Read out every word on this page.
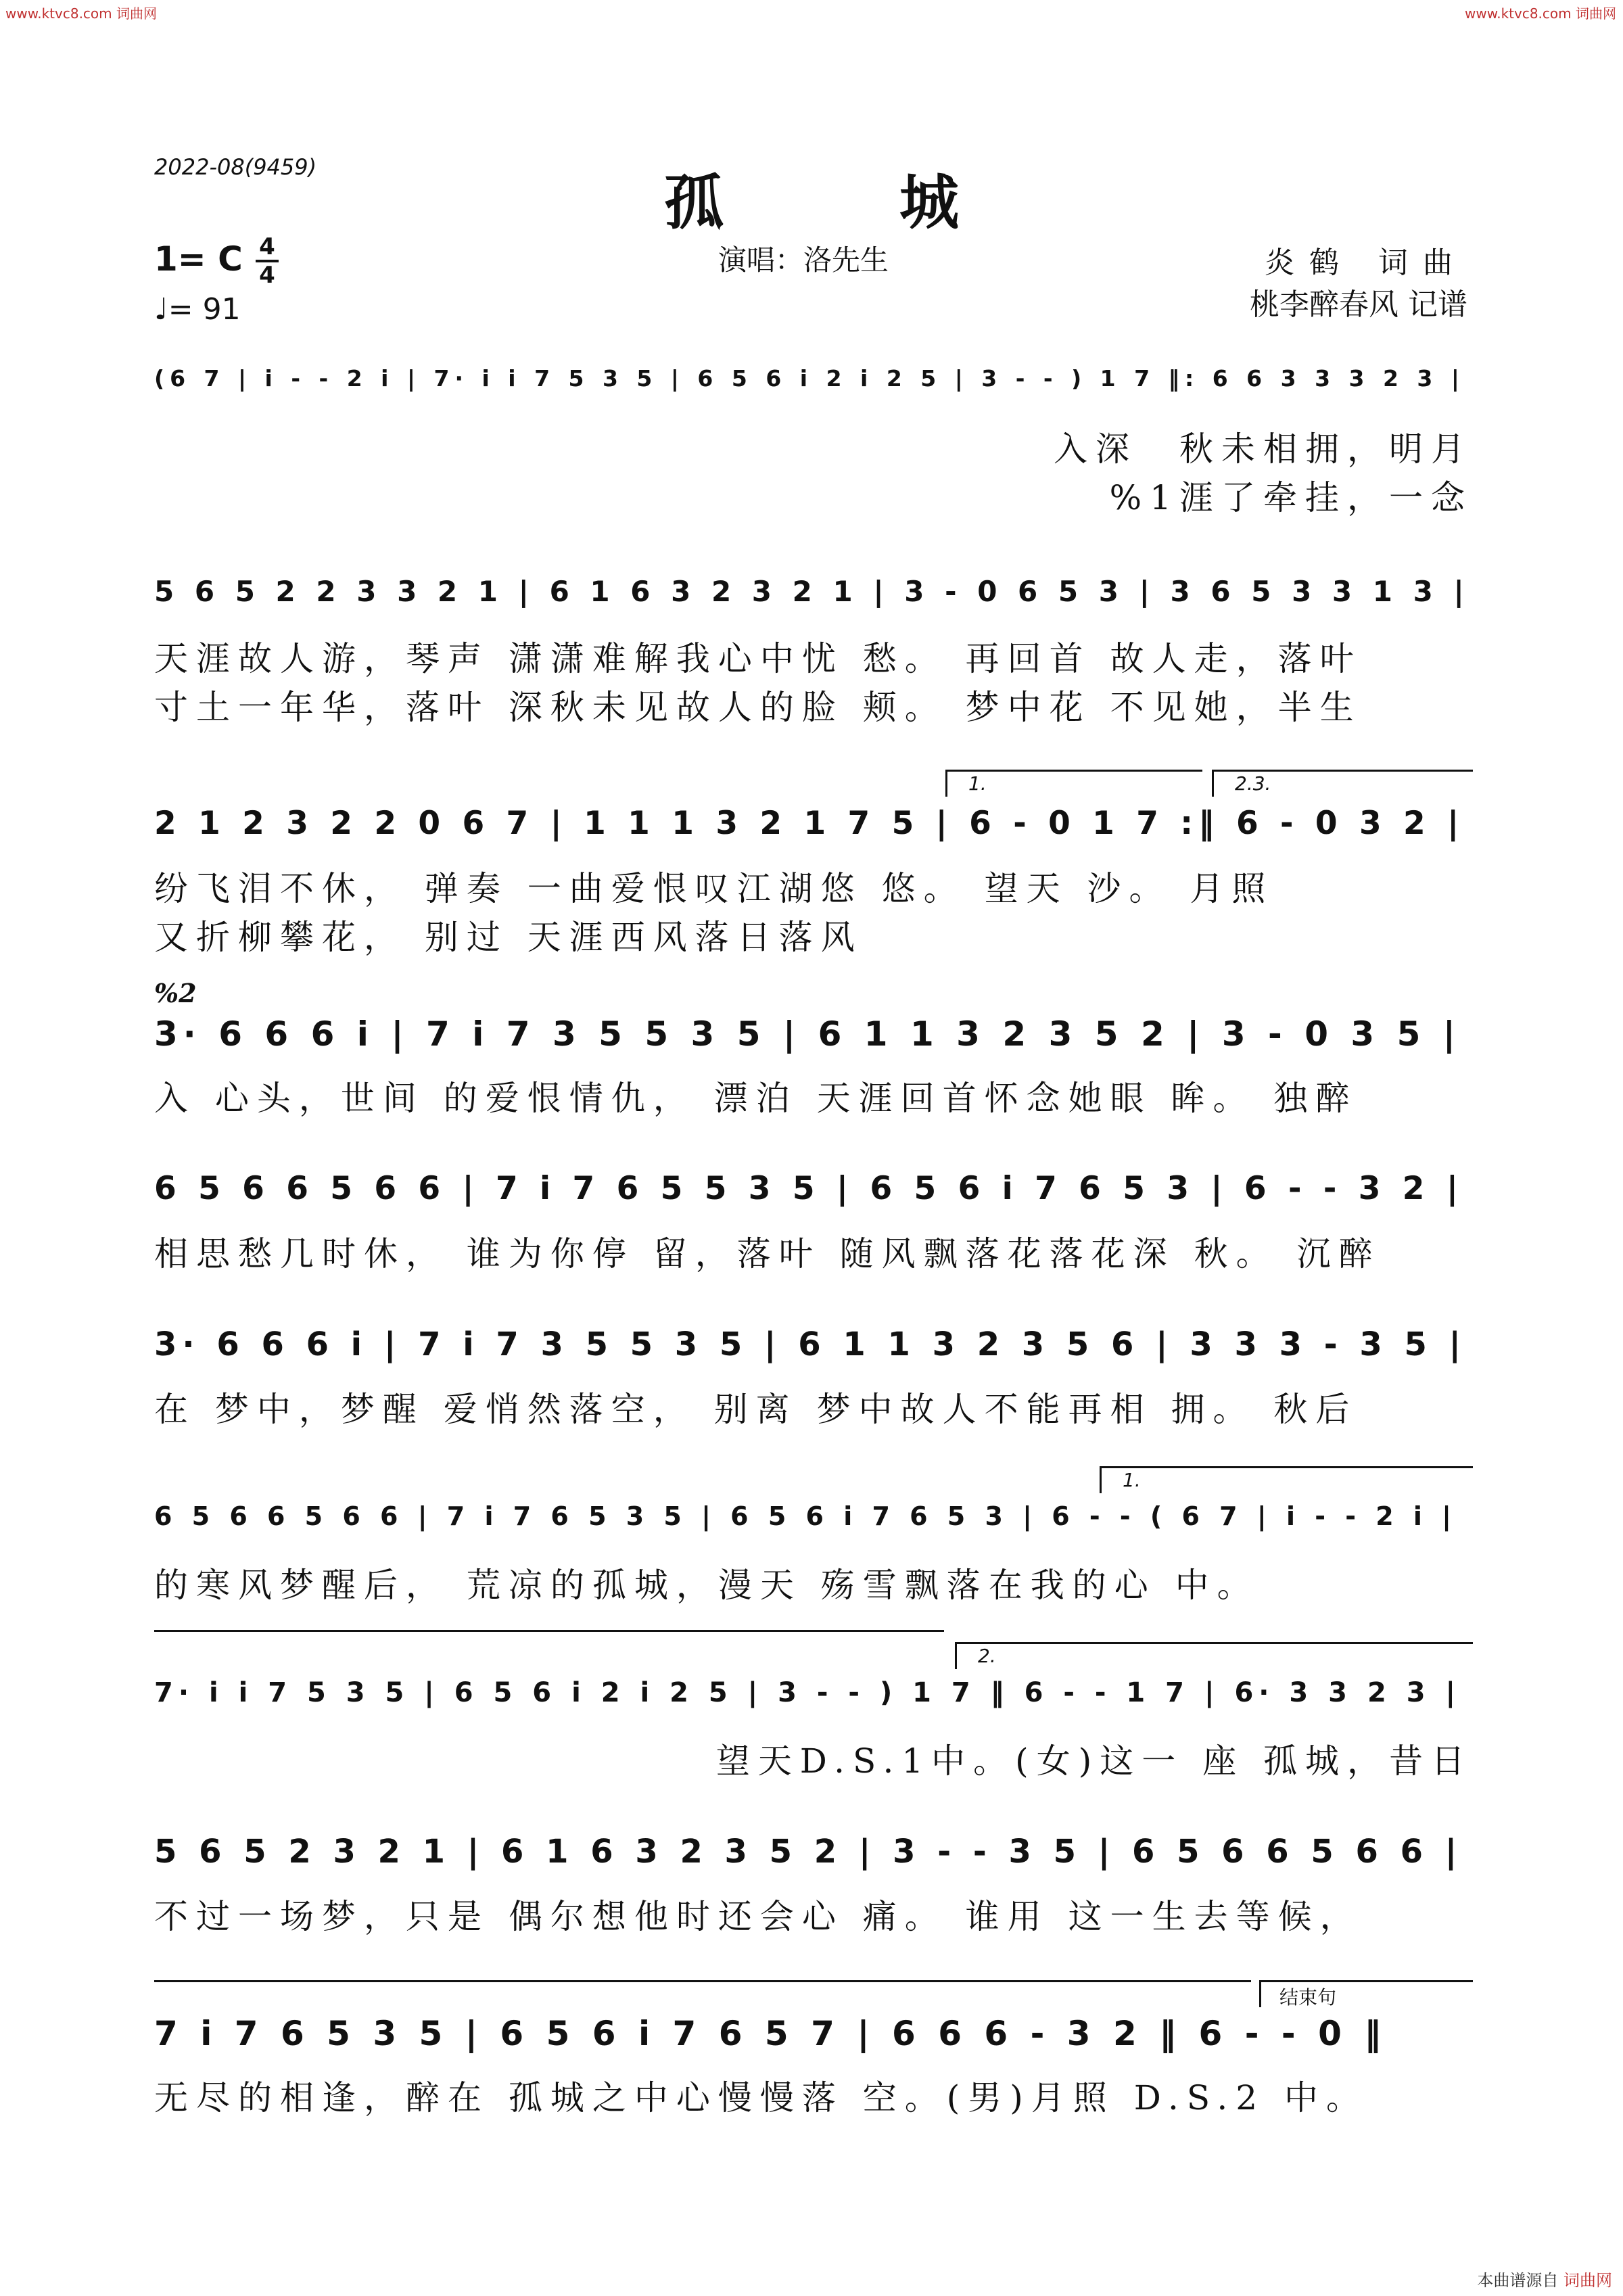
www.ktvc8.com 词曲网	www.ktvc8.com 词曲网
本曲谱源自 词曲网
2022-08(9459)	孤城
1= C 4
4
♩= 91
演唱：洛先生	炎鹤 词曲
桃李醉春风 记谱
(6 7 | i - - 2 i | 7· i i 7 5 3 5 | 6 5 6 i 2 i 2 5 | 3 - - ) 1 7 ‖: 6 6 3 3 3 2 3 |
入深　秋未相拥，明月
%1涯了牵挂，一念
5 6 5 2 2 3 3 2 1 | 6 1 6 3 2 3 2 1 | 3 - 0 6 5 3 | 3 6 5 3 3 1 3 |
天涯故人游，琴声 潇潇难解我心中忧 愁。 再回首 故人走，落叶
寸土一年华，落叶 深秋未见故人的脸 颊。 梦中花 不见她，半生
1.	2.3.
2 1 2 3 2 2 0 6 7 | 1 1 1 3 2 1 7 5 | 6 - 0 1 7 :‖ 6 - 0 3 2 |
纷飞泪不休， 弹奏 一曲爱恨叹江湖悠 悠。 望天 沙。 月照
又折柳攀花， 别过 天涯西风落日落风
%2
3· 6 6 6 i | 7 i 7 3 5 5 3 5 | 6 1 1 3 2 3 5 2 | 3 - 0 3 5 |
入 心头，世间 的爱恨情仇， 漂泊 天涯回首怀念她眼 眸。 独醉
6 5 6 6 5 6 6 | 7 i 7 6 5 5 3 5 | 6 5 6 i 7 6 5 3 | 6 - - 3 2 |
相思愁几时休， 谁为你停 留，落叶 随风飘落花落花深 秋。 沉醉
3· 6 6 6 i | 7 i 7 3 5 5 3 5 | 6 1 1 3 2 3 5 6 | 3 3 3 - 3 5 |
在 梦中，梦醒 爱悄然落空， 别离 梦中故人不能再相 拥。 秋后
1.
6 5 6 6 5 6 6 | 7 i 7 6 5 3 5 | 6 5 6 i 7 6 5 3 | 6 - - ( 6 7 | i - - 2 i |
的寒风梦醒后， 荒凉的孤城，漫天 殇雪飘落在我的心 中。
2.
7· i i 7 5 3 5 | 6 5 6 i 2 i 2 5 | 3 - - ) 1 7 ‖ 6 - - 1 7 | 6· 3 3 2 3 |
望天D.S.1中。(女)这一 座 孤城，昔日
5 6 5 2 3 2 1 | 6 1 6 3 2 3 5 2 | 3 - - 3 5 | 6 5 6 6 5 6 6 |
不过一场梦，只是 偶尔想他时还会心 痛。 谁用 这一生去等候，
结束句
7 i 7 6 5 3 5 | 6 5 6 i 7 6 5 7 | 6 6 6 - 3 2 ‖ 6 - - 0 ‖
无尽的相逢，醉在 孤城之中心慢慢落 空。(男)月照 D.S.2 中。
